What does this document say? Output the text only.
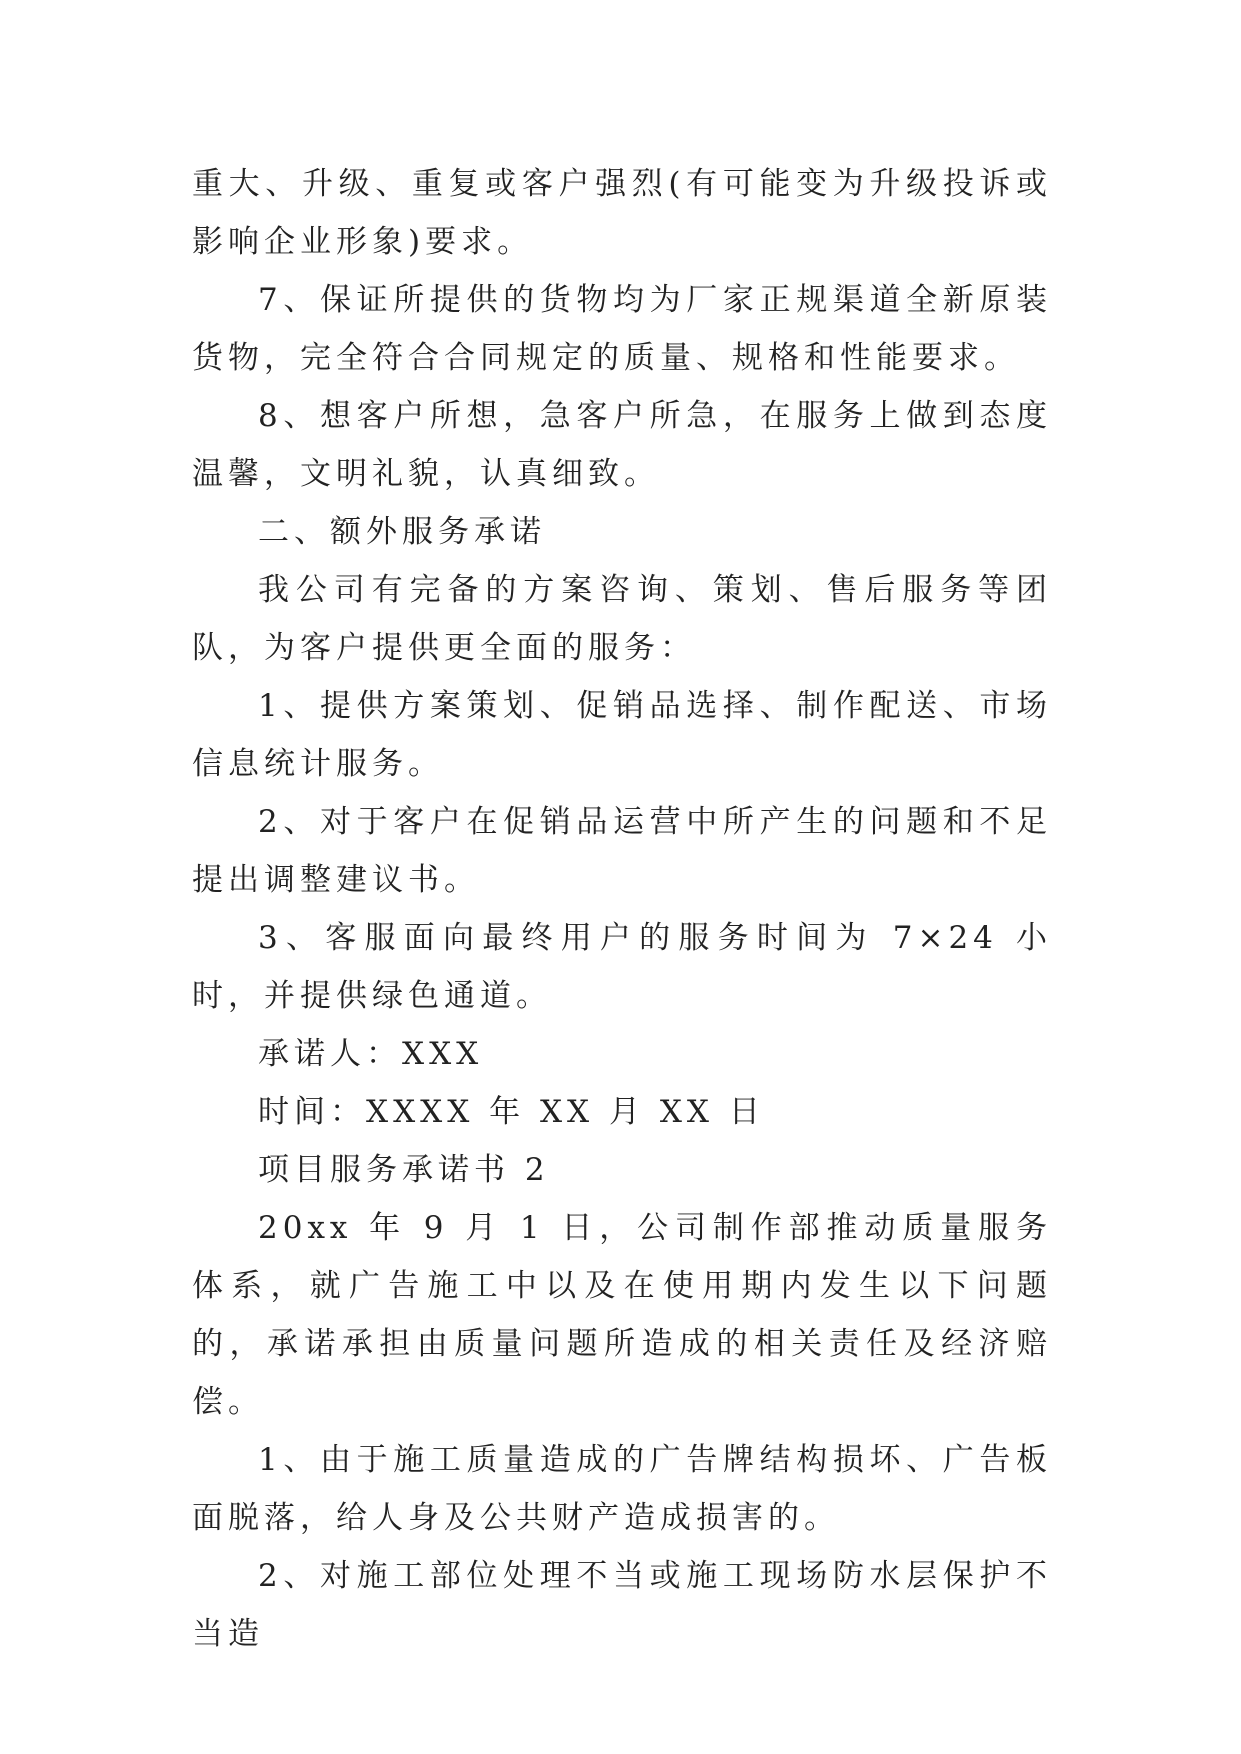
重大、升级、重复或客户强烈(有可能变为升级投诉或影响企业形象)要求。

7、保证所提供的货物均为厂家正规渠道全新原装货物，完全符合合同规定的质量、规格和性能要求。

8、想客户所想，急客户所急，在服务上做到态度温馨，文明礼貌，认真细致。

二、额外服务承诺

我公司有完备的方案咨询、策划、售后服务等团队，为客户提供更全面的服务：

1、提供方案策划、促销品选择、制作配送、市场信息统计服务。

2、对于客户在促销品运营中所产生的问题和不足提出调整建议书。

3、客服面向最终用户的服务时间为 7×24 小时，并提供绿色通道。

承诺人：XXX

时间：XXXX 年 XX 月 XX 日

项目服务承诺书 2

20xx 年 9 月 1 日，公司制作部推动质量服务体系，就广告施工中以及在使用期内发生以下问题的，承诺承担由质量问题所造成的相关责任及经济赔偿。

1、由于施工质量造成的广告牌结构损坏、广告板面脱落，给人身及公共财产造成损害的。

2、对施工部位处理不当或施工现场防水层保护不当造
